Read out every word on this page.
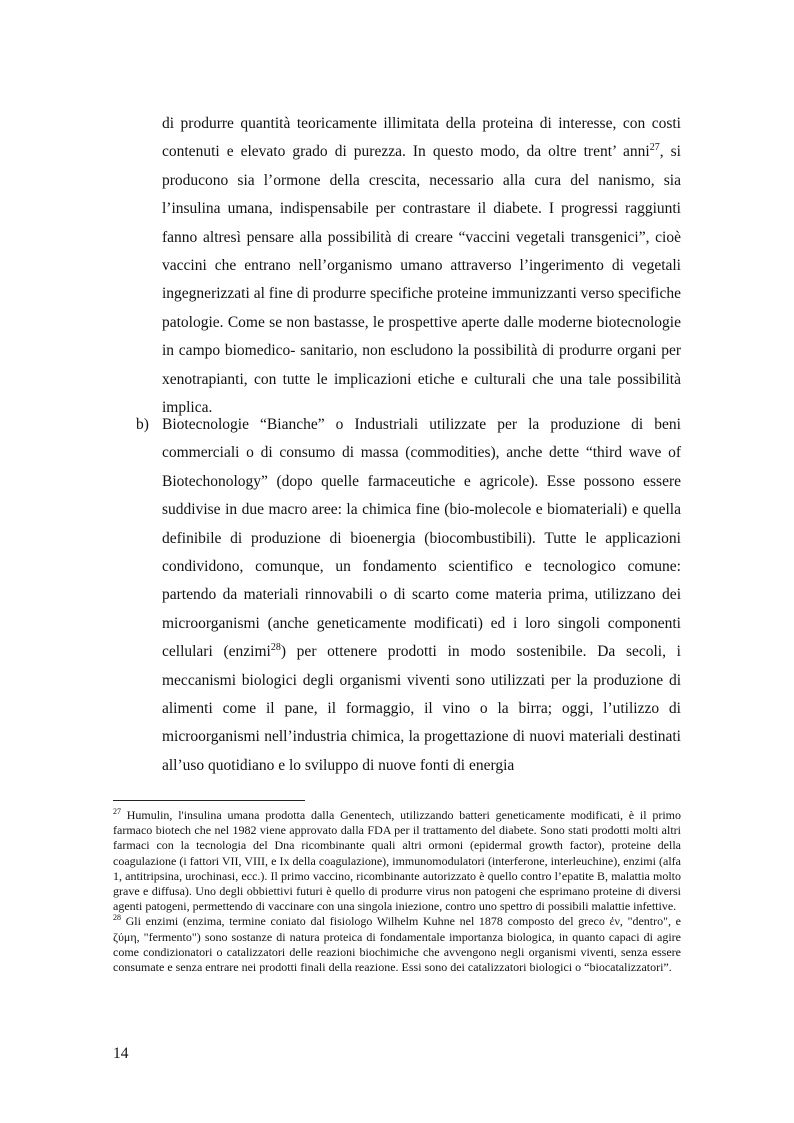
di produrre quantità teoricamente illimitata della proteina di interesse, con costi contenuti e elevato grado di purezza. In questo modo, da oltre trent’ anni$^{27}$, si producono sia l’ormone della crescita, necessario alla cura del nanismo, sia l’insulina umana, indispensabile per contrastare il diabete. I progressi raggiunti fanno altresì pensare alla possibilità di creare “vaccini vegetali transgenici”, cioè vaccini che entrano nell’organismo umano attraverso l’ingerimento di vegetali ingegnerizzati al fine di produrre specifiche proteine immunizzanti verso specifiche patologie. Come se non bastasse, le prospettive aperte dalle moderne biotecnologie in campo biomedico- sanitario, non escludono la possibilità di produrre organi per xenotrapianti, con tutte le implicazioni etiche e culturali che una tale possibilità implica.

b) Biotecnologie “Bianche” o Industriali utilizzate per la produzione di beni commerciali o di consumo di massa (commodities), anche dette “third wave of Biotechonology” (dopo quelle farmaceutiche e agricole). Esse possono essere suddivise in due macro aree: la chimica fine (bio-molecole e biomateriali) e quella definibile di produzione di bioenergia (biocombustibili). Tutte le applicazioni condividono, comunque, un fondamento scientifico e tecnologico comune: partendo da materiali rinnovabili o di scarto come materia prima, utilizzano dei microorganismi (anche geneticamente modificati) ed i loro singoli componenti cellulari (enzimi$^{28}$) per ottenere prodotti in modo sostenibile. Da secoli, i meccanismi biologici degli organismi viventi sono utilizzati per la produzione di alimenti come il pane, il formaggio, il vino o la birra; oggi, l’utilizzo di microorganismi nell’industria chimica, la progettazione di nuovi materiali destinati all’uso quotidiano e lo sviluppo di nuove fonti di energia

$^{27}$ Humulin, l'insulina umana prodotta dalla Genentech, utilizzando batteri geneticamente modificati, è il primo farmaco biotech che nel 1982 viene approvato dalla FDA per il trattamento del diabete. Sono stati prodotti molti altri farmaci con la tecnologia del Dna ricombinante quali altri ormoni (epidermal growth factor), proteine della coagulazione (i fattori VII, VIII, e Ix della coagulazione), immunomodulatori (interferone, interleuchine), enzimi (alfa 1, antitripsina, urochinasi, ecc.). Il primo vaccino, ricombinante autorizzato è quello contro l’epatite B, malattia molto grave e diffusa). Uno degli obbiettivi futuri è quello di produrre virus non patogeni che esprimano proteine di diversi agenti patogeni, permettendo di vaccinare con una singola iniezione, contro uno spettro di possibili malattie infettive.

$^{28}$ Gli enzimi (enzima, termine coniato dal fisiologo Wilhelm Kuhne nel 1878 composto del greco ἐν, "dentro", e ζύμη, "fermento") sono sostanze di natura proteica di fondamentale importanza biologica, in quanto capaci di agire come condizionatori o catalizzatori delle reazioni biochimiche che avvengono negli organismi viventi, senza essere consumate e senza entrare nei prodotti finali della reazione. Essi sono dei catalizzatori biologici o “biocatalizzatori”.

14
